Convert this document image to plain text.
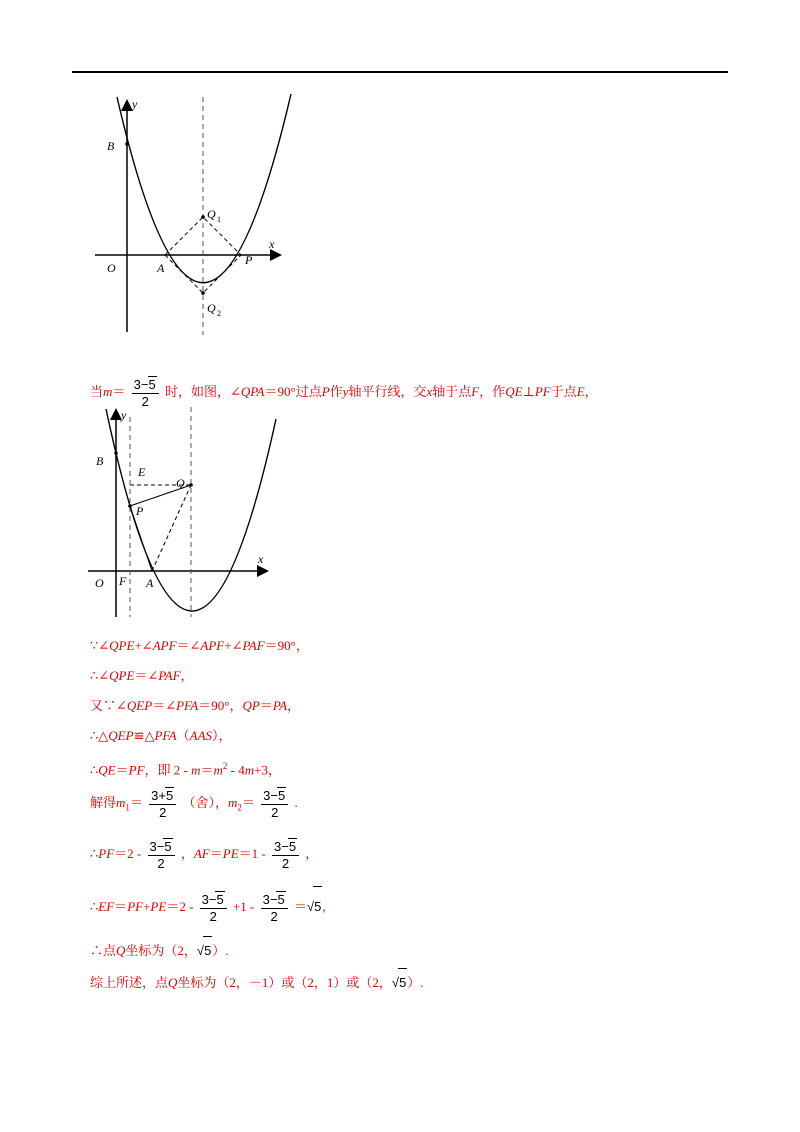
y
x
B
O	A
P
Q 1
Q 2
当$m= \frac{3-5}{2}$ 时，如图，∠QPA＝90°过点P作y轴平行线，交x轴于点F，作QE⊥PF于点E，
y
x
B
E
Q
P
O F A
∵∠QPE+∠APF＝∠APF+∠PAF＝90°，
∴∠QPE＝∠PAF，
又∵∠QEP＝∠PFA＝90°，QP＝PA，
∴△QEP≌△PFA（AAS），
∴QE＝PF，即 $2 - m=m^2 - 4m+3$，
解得$m_1= \frac{3+5}{2}$ （舍），$m_2= \frac{3-5}{2}$ .
∴PF＝2 - $\frac{3-5}{2}$ ，$AF=PE=1 - \frac{3-5}{2}$ ，
∴EF＝PF+PE＝2 - $\frac{3-5}{2} +1 - \frac{3-5}{2} =√5$,
∴点Q坐标为（2，√5）.
综上所述，点Q坐标为（2，－1）或（2，1）或（2，√5）.
